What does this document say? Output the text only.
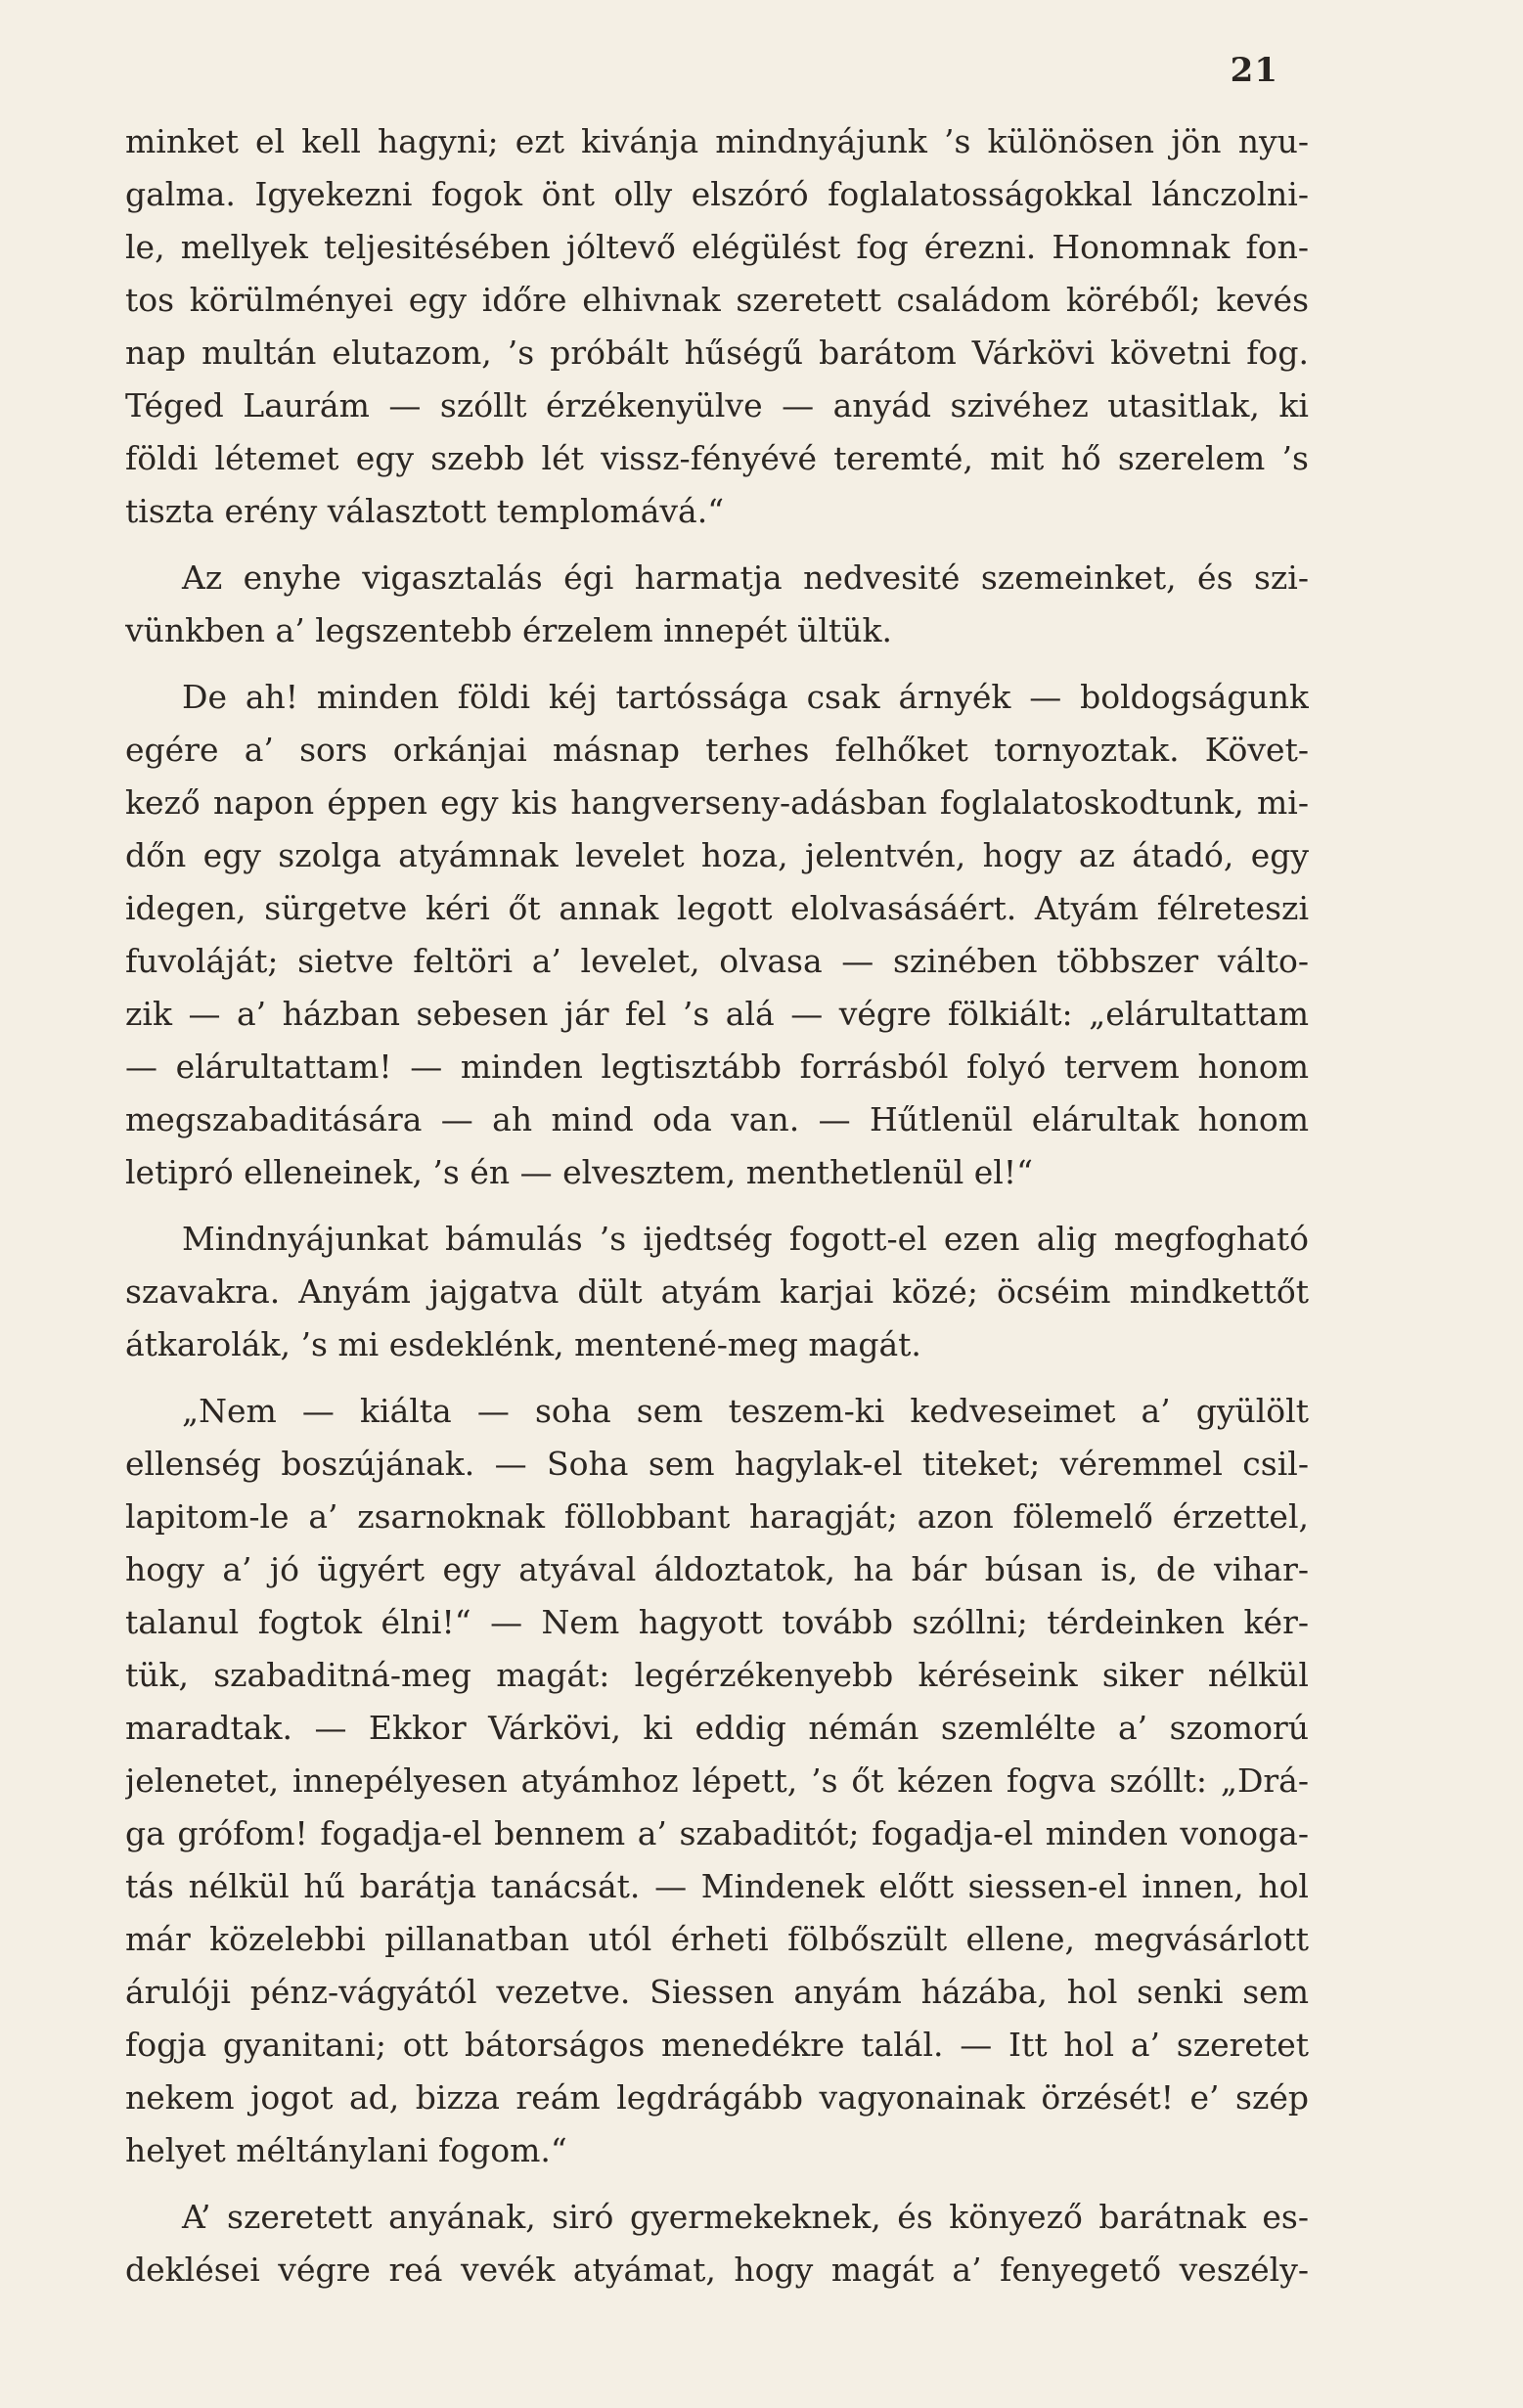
21
minket el kell hagyni; ezt kivánja mindnyájunk ’s különösen jön nyu-
galma. Igyekezni fogok önt olly elszóró foglalatosságokkal lánczolni-
le, mellyek teljesitésében jóltevő elégülést fog érezni. Honomnak fon-
tos körülményei egy időre elhivnak szeretett családom köréből; kevés
nap multán elutazom, ’s próbált hűségű barátom Várkövi követni fog.
Téged Laurám — szóllt érzékenyülve — anyád szivéhez utasitlak, ki
földi létemet egy szebb lét vissz-fényévé teremté, mit hő szerelem ’s
tiszta erény választott templomává.“
Az enyhe vigasztalás égi harmatja nedvesité szemeinket, és szi-
vünkben a’ legszentebb érzelem innepét ültük.
De ah! minden földi kéj tartóssága csak árnyék — boldogságunk
egére a’ sors orkánjai másnap terhes felhőket tornyoztak. Követ-
kező napon éppen egy kis hangverseny-adásban foglalatoskodtunk, mi-
dőn egy szolga atyámnak levelet hoza, jelentvén, hogy az átadó, egy
idegen, sürgetve kéri őt annak legott elolvasásáért. Atyám félreteszi
fuvoláját; sietve feltöri a’ levelet, olvasa — szinében többszer válto-
zik — a’ házban sebesen jár fel ’s alá — végre fölkiált: „elárultattam
— elárultattam! — minden legtisztább forrásból folyó tervem honom
megszabaditására — ah mind oda van. — Hűtlenül elárultak honom
letipró elleneinek, ’s én — elvesztem, menthetlenül el!“
Mindnyájunkat bámulás ’s ijedtség fogott-el ezen alig megfogható
szavakra. Anyám jajgatva dült atyám karjai közé; öcséim mindkettőt
átkarolák, ’s mi esdeklénk, mentené-meg magát.
„Nem — kiálta — soha sem teszem-ki kedveseimet a’ gyülölt
ellenség boszújának. — Soha sem hagylak-el titeket; véremmel csil-
lapitom-le a’ zsarnoknak föllobbant haragját; azon fölemelő érzettel,
hogy a’ jó ügyért egy atyával áldoztatok, ha bár búsan is, de vihar-
talanul fogtok élni!“ — Nem hagyott tovább szóllni; térdeinken kér-
tük, szabaditná-meg magát: legérzékenyebb kéréseink siker nélkül
maradtak. — Ekkor Várkövi, ki eddig némán szemlélte a’ szomorú
jelenetet, innepélyesen atyámhoz lépett, ’s őt kézen fogva szóllt: „Drá-
ga grófom! fogadja-el bennem a’ szabaditót; fogadja-el minden vonoga-
tás nélkül hű barátja tanácsát. — Mindenek előtt siessen-el innen, hol
már közelebbi pillanatban utól érheti fölbőszült ellene, megvásárlott
árulóji pénz-vágyától vezetve. Siessen anyám házába, hol senki sem
fogja gyanitani; ott bátorságos menedékre talál. — Itt hol a’ szeretet
nekem jogot ad, bizza reám legdrágább vagyonainak örzését! e’ szép
helyet méltánylani fogom.“
A’ szeretett anyának, siró gyermekeknek, és könyező barátnak es-
deklései végre reá vevék atyámat, hogy magát a’ fenyegető veszély-
